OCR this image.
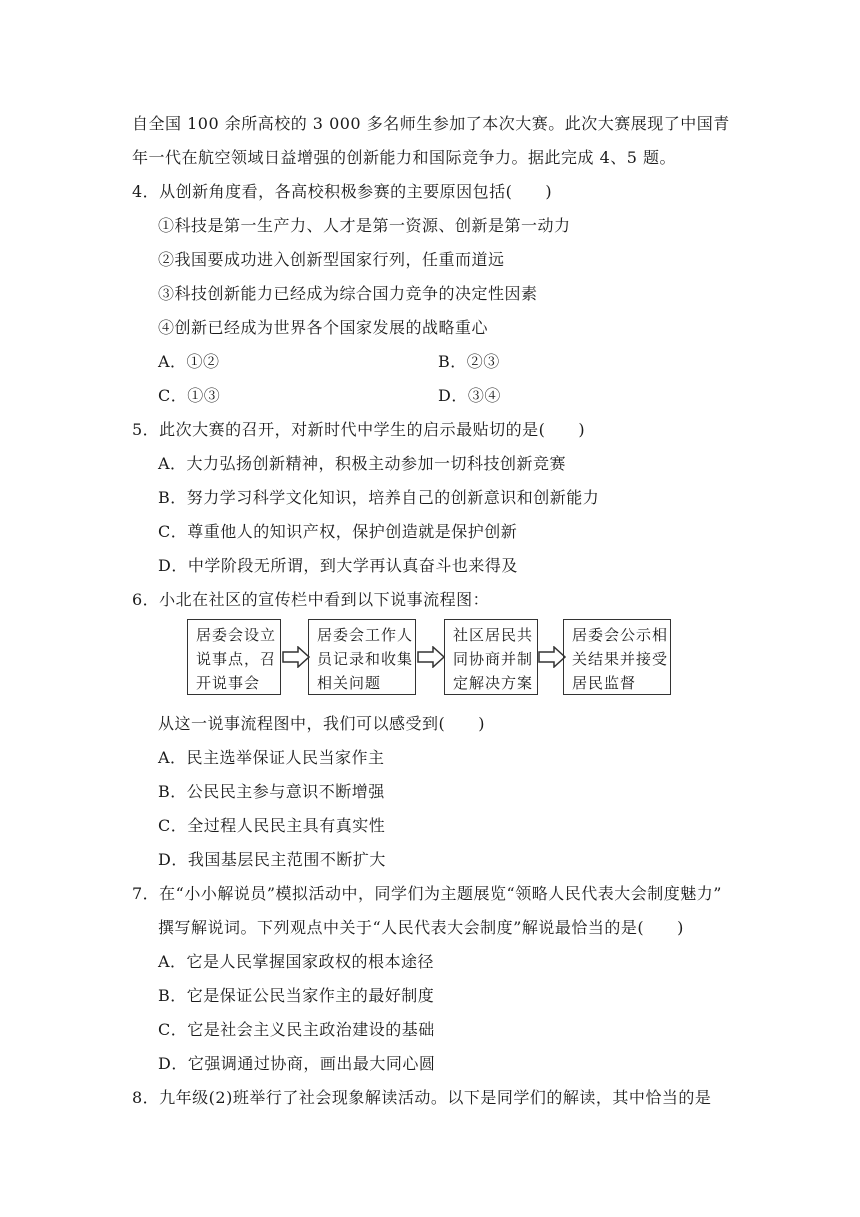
自全国 100 余所高校的 3 000 多名师生参加了本次大赛。此次大赛展现了中国青
年一代在航空领域日益增强的创新能力和国际竞争力。据此完成 4、5 题。
4．从创新角度看，各高校积极参赛的主要原因包括(　　)
①科技是第一生产力、人才是第一资源、创新是第一动力
②我国要成功进入创新型国家行列，任重而道远
③科技创新能力已经成为综合国力竞争的决定性因素
④创新已经成为世界各个国家发展的战略重心
A．①②	B．②③
C．①③	D．③④
5．此次大赛的召开，对新时代中学生的启示最贴切的是(　　)
A．大力弘扬创新精神，积极主动参加一切科技创新竞赛
B．努力学习科学文化知识，培养自己的创新意识和创新能力
C．尊重他人的知识产权，保护创造就是保护创新
D．中学阶段无所谓，到大学再认真奋斗也来得及
6．小北在社区的宣传栏中看到以下说事流程图：
居委会设立
说事点，召
开说事会
居委会工作人
员记录和收集
相关问题
社区居民共
同协商并制
定解决方案
居委会公示相
关结果并接受
居民监督
从这一说事流程图中，我们可以感受到(　　)
A．民主选举保证人民当家作主
B．公民民主参与意识不断增强
C．全过程人民民主具有真实性
D．我国基层民主范围不断扩大
7．在“小小解说员”模拟活动中，同学们为主题展览“领略人民代表大会制度魅力”
撰写解说词。下列观点中关于“人民代表大会制度”解说最恰当的是(　　)
A．它是人民掌握国家政权的根本途径
B．它是保证公民当家作主的最好制度
C．它是社会主义民主政治建设的基础
D．它强调通过协商，画出最大同心圆
8．九年级(2)班举行了社会现象解读活动。以下是同学们的解读，其中恰当的是
